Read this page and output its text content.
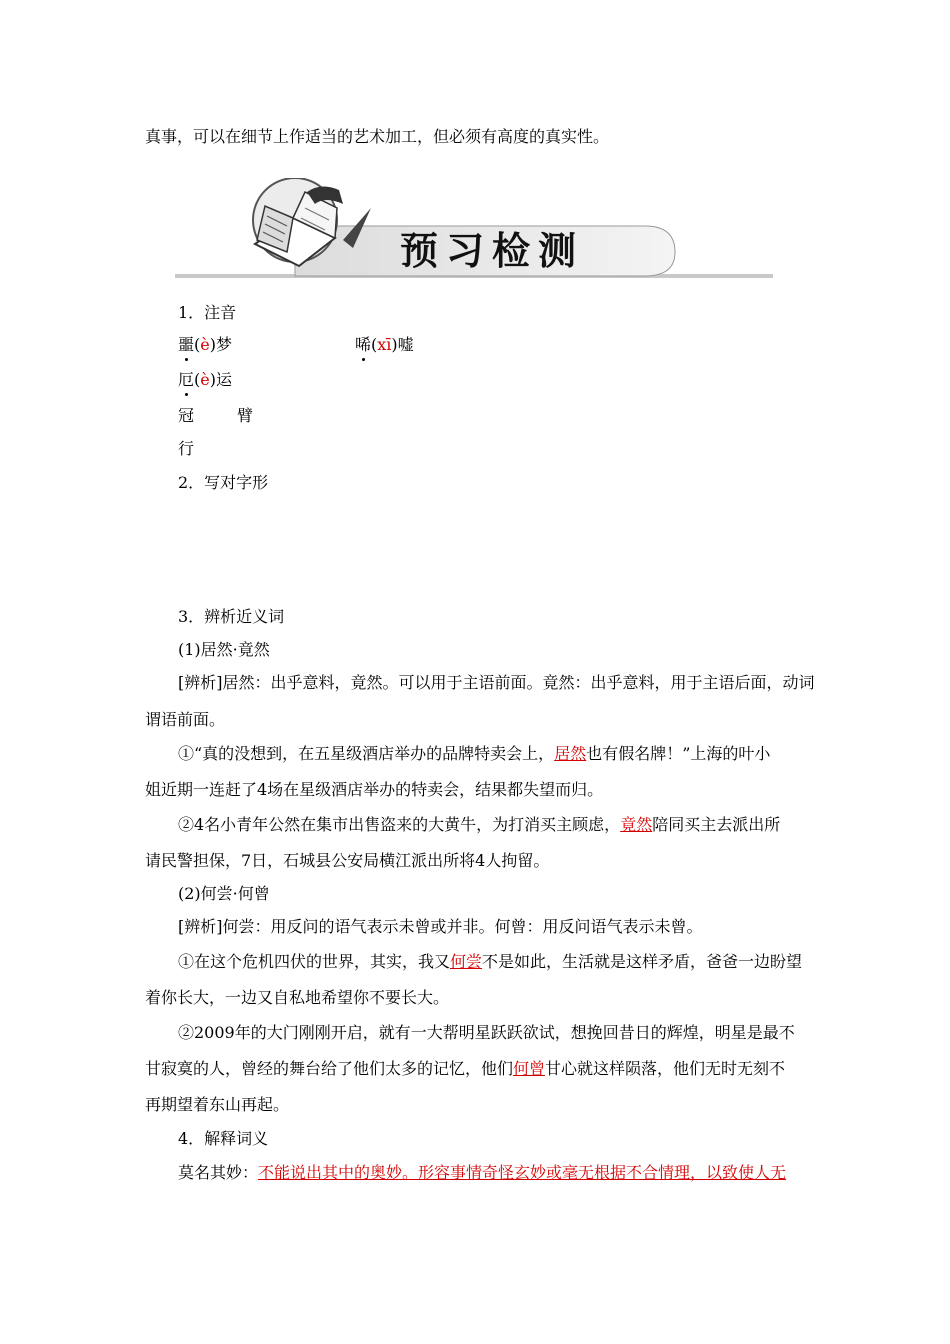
真事，可以在细节上作适当的艺术加工，但必须有高度的真实性。
预习检测
1．注音
噩(è)梦	唏(xī)嘘
厄(è)运
冠	臂
行
2．写对字形
3．辨析近义词
(1)居然·竟然
[辨析]居然：出乎意料，竟然。可以用于主语前面。竟然：出乎意料，用于主语后面，动词
谓语前面。
①“真的没想到，在五星级酒店举办的品牌特卖会上，居然也有假名牌！”上海的叶小
姐近期一连赶了4场在星级酒店举办的特卖会，结果都失望而归。
②4名小青年公然在集市出售盗来的大黄牛，为打消买主顾虑，竟然陪同买主去派出所
请民警担保，7日，石城县公安局横江派出所将4人拘留。
(2)何尝·何曾
[辨析]何尝：用反问的语气表示未曾或并非。何曾：用反问语气表示未曾。
①在这个危机四伏的世界，其实，我又何尝不是如此，生活就是这样矛盾，爸爸一边盼望
着你长大，一边又自私地希望你不要长大。
②2009年的大门刚刚开启，就有一大帮明星跃跃欲试，想挽回昔日的辉煌，明星是最不
甘寂寞的人，曾经的舞台给了他们太多的记忆，他们何曾甘心就这样陨落，他们无时无刻不
再期望着东山再起。
4．解释词义
莫名其妙：不能说出其中的奥妙。形容事情奇怪玄妙或毫无根据不合情理，以致使人无
